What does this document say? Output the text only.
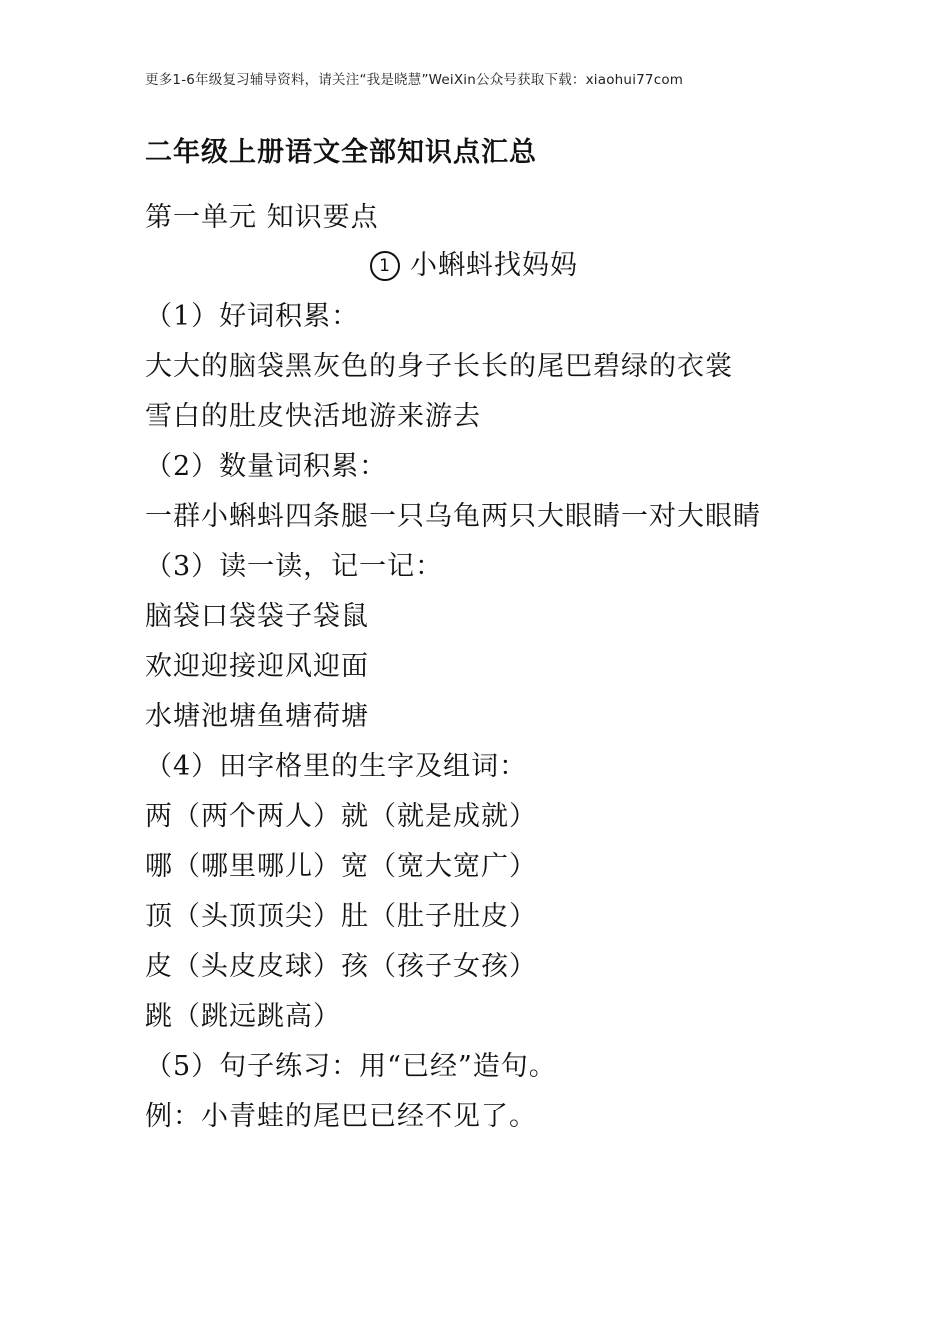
更多1-6年级复习辅导资料，请关注“我是晓慧”WeiXin公众号获取下载：xiaohui77com
二年级上册语文全部知识点汇总
第一单元 知识要点
1 小蝌蚪找妈妈
（1）好词积累：
大大的脑袋黑灰色的身子长长的尾巴碧绿的衣裳
雪白的肚皮快活地游来游去
（2）数量词积累：
一群小蝌蚪四条腿一只乌龟两只大眼睛一对大眼睛
（3）读一读，记一记：
脑袋口袋袋子袋鼠
欢迎迎接迎风迎面
水塘池塘鱼塘荷塘
（4）田字格里的生字及组词：
两（两个两人）就（就是成就）
哪（哪里哪儿）宽（宽大宽广）
顶（头顶顶尖）肚（肚子肚皮）
皮（头皮皮球）孩（孩子女孩）
跳（跳远跳高）
（5）句子练习：用“已经”造句。
例：小青蛙的尾巴已经不见了。
